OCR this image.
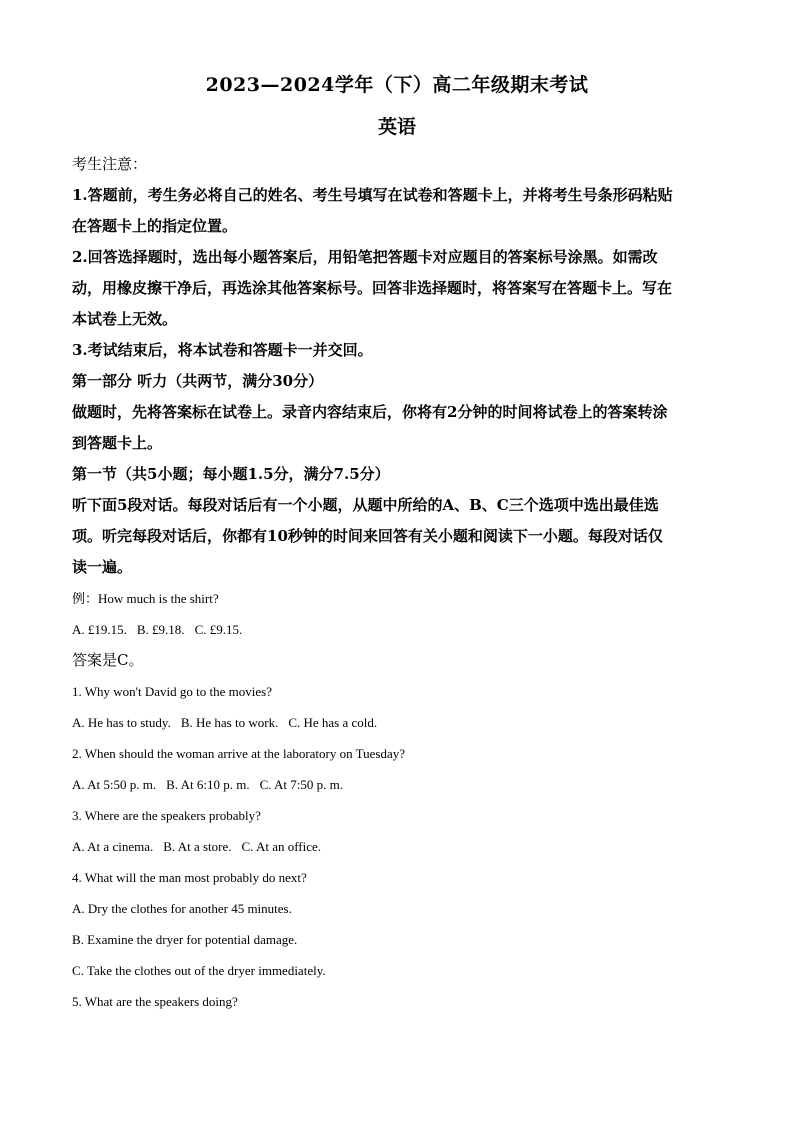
2023—2024学年（下）高二年级期末考试
英语

考生注意：

1.答题前，考生务必将自己的姓名、考生号填写在试卷和答题卡上，并将考生号条形码粘贴

在答题卡上的指定位置。

2.回答选择题时，选出每小题答案后，用铅笔把答题卡对应题目的答案标号涂黑。如需改

动，用橡皮擦干净后，再选涂其他答案标号。回答非选择题时，将答案写在答题卡上。写在

本试卷上无效。

3.考试结束后，将本试卷和答题卡一并交回。

第一部分 听力（共两节，满分30分）

做题时，先将答案标在试卷上。录音内容结束后，你将有2分钟的时间将试卷上的答案转涂

到答题卡上。

第一节（共5小题；每小题1.5分，满分7.5分）

听下面5段对话。每段对话后有一个小题，从题中所给的A、B、C三个选项中选出最佳选

项。听完每段对话后，你都有10秒钟的时间来回答有关小题和阅读下一小题。每段对话仅

读一遍。

例：How much is the shirt?

A. £19.15. B. £9.18. C. £9.15.

答案是C。

1. Why won't David go to the movies?

A. He has to study. B. He has to work. C. He has a cold.

2. When should the woman arrive at the laboratory on Tuesday?

A. At 5:50 p. m. B. At 6:10 p. m. C. At 7:50 p. m.

3. Where are the speakers probably?

A. At a cinema. B. At a store. C. At an office.

4. What will the man most probably do next?

A. Dry the clothes for another 45 minutes.

B. Examine the dryer for potential damage.

C. Take the clothes out of the dryer immediately.

5. What are the speakers doing?
